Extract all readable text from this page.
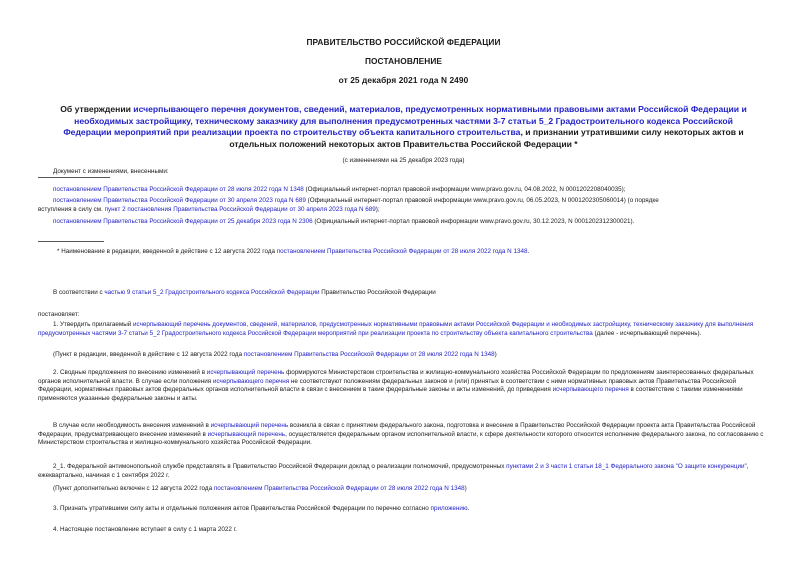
ПРАВИТЕЛЬСТВО РОССИЙСКОЙ ФЕДЕРАЦИИ
ПОСТАНОВЛЕНИЕ
от 25 декабря 2021 года N 2490
Об утверждении исчерпывающего перечня документов, сведений, материалов, предусмотренных нормативными правовыми актами Российской Федерации и необходимых застройщику, техническому заказчику для выполнения предусмотренных частями 3-7 статьи 5_2 Градостроительного кодекса Российской Федерации мероприятий при реализации проекта по строительству объекта капитального строительства, и признании утратившими силу некоторых актов и отдельных положений некоторых актов Правительства Российской Федерации *
(с изменениями на 25 декабря 2023 года)
Документ с изменениями, внесенными:
постановлением Правительства Российской Федерации от 28 июля 2022 года N 1348 (Официальный интернет-портал правовой информации www.pravo.gov.ru, 04.08.2022, N 0001202208040035);
постановлением Правительства Российской Федерации от 30 апреля 2023 года N 689 (Официальный интернет-портал правовой информации www.pravo.gov.ru, 06.05.2023, N 0001202305060014) (о порядке
вступления в силу см. пункт 2 постановления Правительства Российской Федерации от 30 апреля 2023 года N 689);
постановлением Правительства Российской Федерации от 25 декабря 2023 года N 2306 (Официальный интернет-портал правовой информации www.pravo.gov.ru, 30.12.2023, N 0001202312300021).
* Наименование в редакции, введенной в действие с 12 августа 2022 года постановлением Правительства Российской Федерации от 28 июля 2022 года N 1348.
В соответствии с частью 9 статьи 5_2 Градостроительного кодекса Российской Федерации Правительство Российской Федерации
постановляет:
1. Утвердить прилагаемый исчерпывающий перечень документов, сведений, материалов, предусмотренных нормативными правовыми актами Российской Федерации и необходимых застройщику, техническому заказчику для выполнения предусмотренных частями 3-7 статьи 5_2 Градостроительного кодекса Российской Федерации мероприятий при реализации проекта по строительству объекта капитального строительства (далее - исчерпывающий перечень).
(Пункт в редакции, введенной в действие с 12 августа 2022 года постановлением Правительства Российской Федерации от 28 июля 2022 года N 1348)
2. Сводные предложения по внесению изменений в исчерпывающий перечень формируются Министерством строительства и жилищно-коммунального хозяйства Российской Федерации по предложениям заинтересованных федеральных органов исполнительной власти. В случае если положения исчерпывающего перечня не соответствуют положениям федеральных законов и (или) принятых в соответствии с ними нормативных правовых актов Правительства Российской Федерации, нормативных правовых актов федеральных органов исполнительной власти в связи с внесением в такие федеральные законы и акты изменений, до приведения исчерпывающего перечня в соответствие с такими изменениями применяются указанные федеральные законы и акты.
В случае если необходимость внесения изменений в исчерпывающий перечень возникла в связи с принятием федерального закона, подготовка и внесение в Правительство Российской Федерации проекта акта Правительства Российской Федерации, предусматривающего внесение изменений в исчерпывающий перечень, осуществляется федеральным органом исполнительной власти, к сфере деятельности которого относится исполнение федерального закона, по согласованию с Министерством строительства и жилищно-коммунального хозяйства Российской Федерации.
2_1. Федеральной антимонопольной службе представлять в Правительство Российской Федерации доклад о реализации полномочий, предусмотренных пунктами 2 и 3 части 1 статьи 18_1 Федерального закона "О защите конкуренции", ежеквартально, начиная с 1 сентября 2022 г.
(Пункт дополнительно включен с 12 августа 2022 года постановлением Правительства Российской Федерации от 28 июля 2022 года N 1348)
3. Признать утратившими силу акты и отдельные положения актов Правительства Российской Федерации по перечню согласно приложению.
4. Настоящее постановление вступает в силу с 1 марта 2022 г.
